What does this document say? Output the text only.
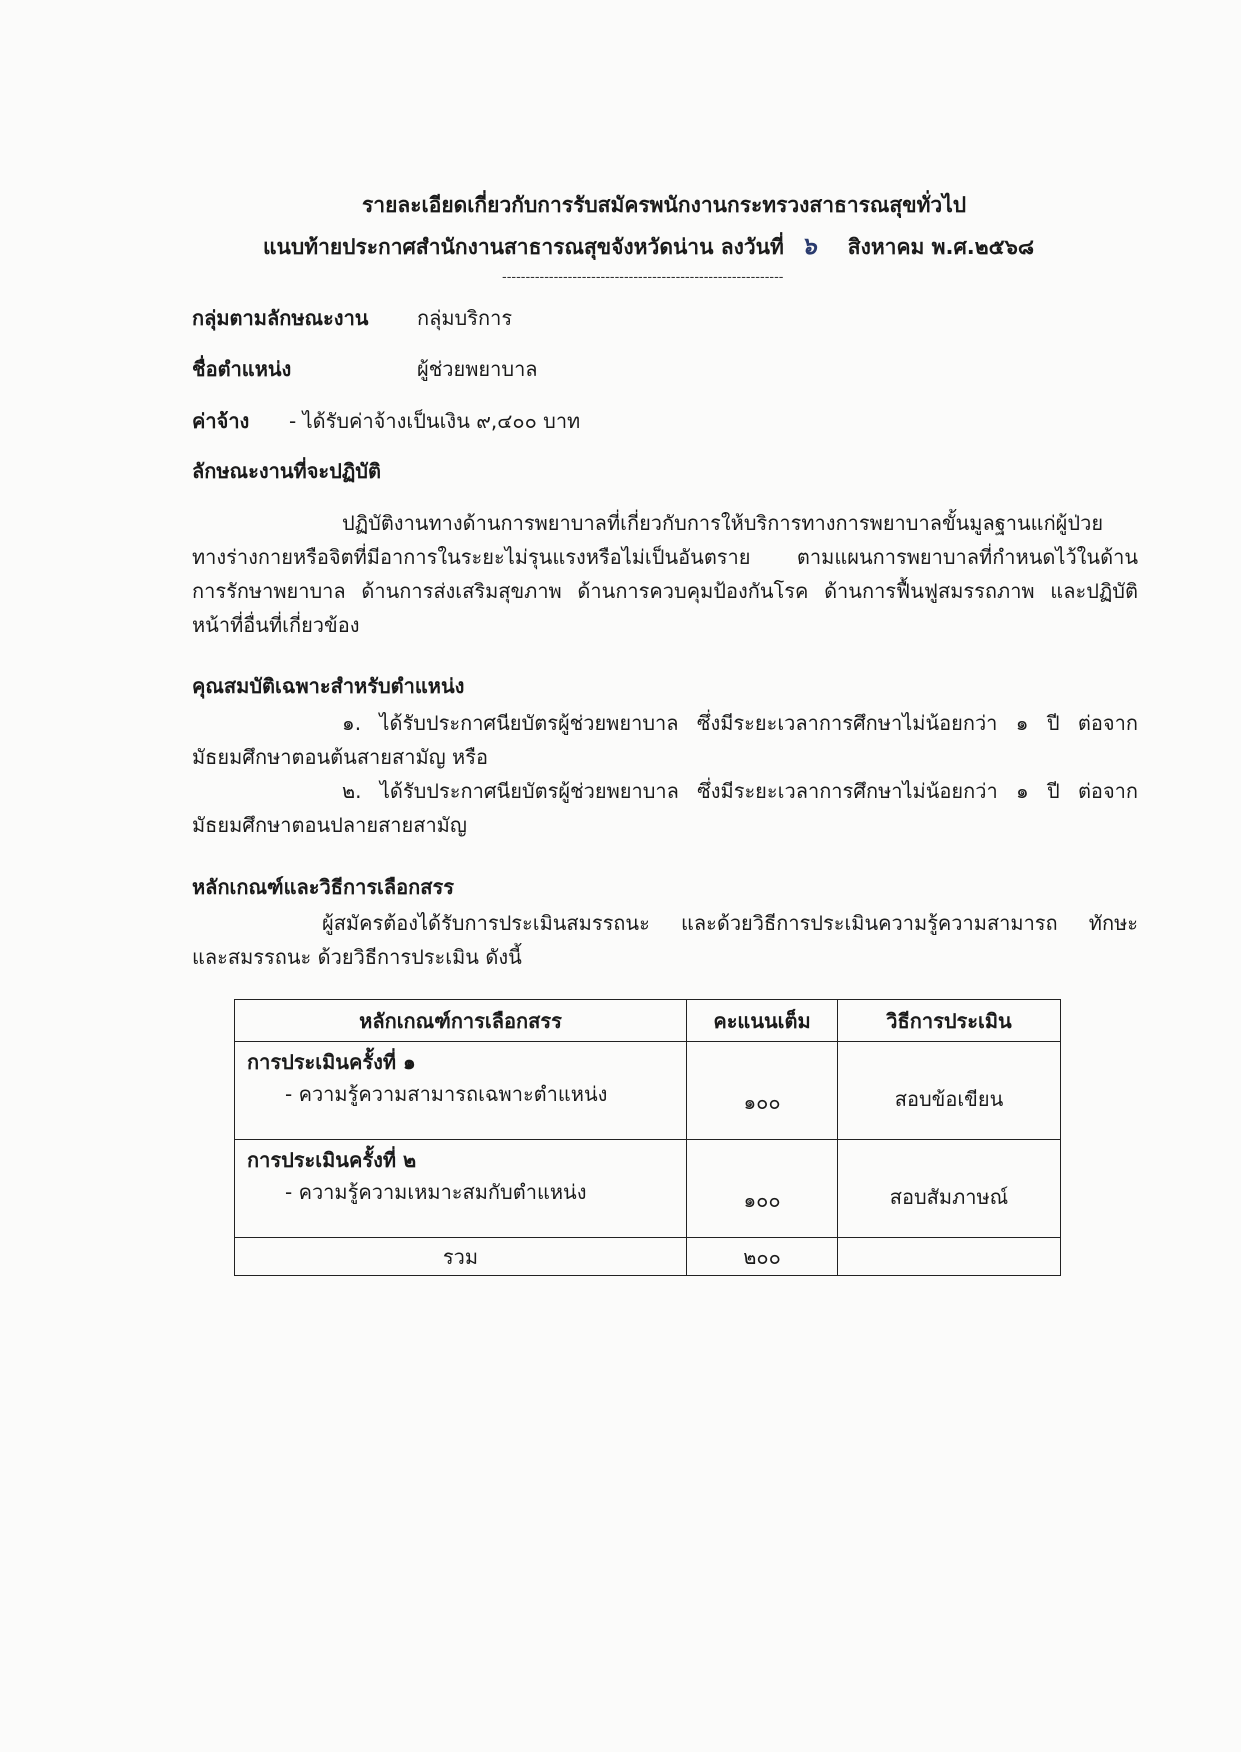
รายละเอียดเกี่ยวกับการรับสมัครพนักงานกระทรวงสาธารณสุขทั่วไป
แนบท้ายประกาศสำนักงานสาธารณสุขจังหวัดน่าน ลงวันที่ ๖ สิงหาคม พ.ศ.๒๕๖๘
------------------------------------------------------------
กลุ่มตามลักษณะงาน กลุ่มบริการ
ชื่อตำแหน่ง	ผู้ช่วยพยาบาล
ค่าจ้าง - ได้รับค่าจ้างเป็นเงิน ๙,๔๐๐ บาท
ลักษณะงานที่จะปฏิบัติ
ปฏิบัติงานทางด้านการพยาบาลที่เกี่ยวกับการให้บริการทางการพยาบาลขั้นมูลฐานแก่ผู้ป่วย
ทางร่างกายหรือจิตที่มีอาการในระยะไม่รุนแรงหรือไม่เป็นอันตราย ตามแผนการพยาบาลที่กำหนดไว้ในด้าน
การรักษาพยาบาล ด้านการส่งเสริมสุขภาพ ด้านการควบคุมป้องกันโรค ด้านการฟื้นฟูสมรรถภาพ และปฏิบัติ
หน้าที่อื่นที่เกี่ยวข้อง
คุณสมบัติเฉพาะสำหรับตำแหน่ง
๑. ได้รับประกาศนียบัตรผู้ช่วยพยาบาล ซึ่งมีระยะเวลาการศึกษาไม่น้อยกว่า ๑ ปี ต่อจาก
มัธยมศึกษาตอนต้นสายสามัญ หรือ
๒. ได้รับประกาศนียบัตรผู้ช่วยพยาบาล ซึ่งมีระยะเวลาการศึกษาไม่น้อยกว่า ๑ ปี ต่อจาก
มัธยมศึกษาตอนปลายสายสามัญ
หลักเกณฑ์และวิธีการเลือกสรร
ผู้สมัครต้องได้รับการประเมินสมรรถนะ และด้วยวิธีการประเมินความรู้ความสามารถ ทักษะ
และสมรรถนะ ด้วยวิธีการประเมิน ดังนี้
หลักเกณฑ์การเลือกสรร	คะแนนเต็ม	วิธีการประเมิน

การประเมินครั้งที่ ๑
- ความรู้ความสามารถเฉพาะตำแหน่ง	๑๐๐	สอบข้อเขียน

การประเมินครั้งที่ ๒
- ความรู้ความเหมาะสมกับตำแหน่ง	๑๐๐	สอบสัมภาษณ์
รวม	๒๐๐	
